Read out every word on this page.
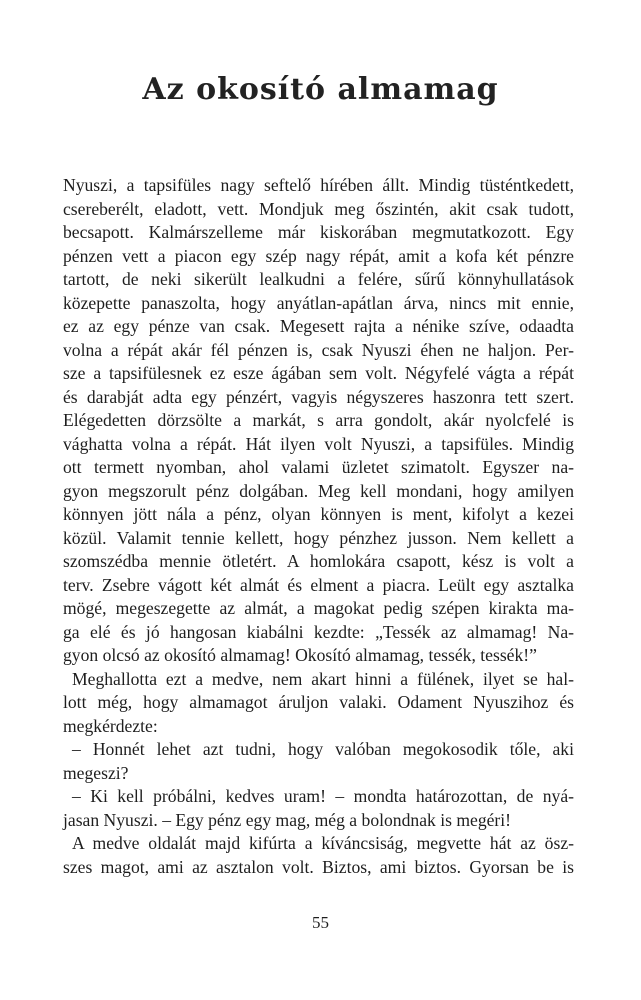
Az okosító almamag
Nyuszi, a tapsifüles nagy seftelő hírében állt. Mindig tüsténtkedett,
csereberélt, eladott, vett. Mondjuk meg őszintén, akit csak tudott,
becsapott. Kalmárszelleme már kiskorában megmutatkozott. Egy
pénzen vett a piacon egy szép nagy répát, amit a kofa két pénzre
tartott, de neki sikerült lealkudni a felére, sűrű könnyhullatások
közepette panaszolta, hogy anyátlan-apátlan árva, nincs mit ennie,
ez az egy pénze van csak. Megesett rajta a nénike szíve, odaadta
volna a répát akár fél pénzen is, csak Nyuszi éhen ne haljon. Per-
sze a tapsifülesnek ez esze ágában sem volt. Négyfelé vágta a répát
és darabját adta egy pénzért, vagyis négyszeres haszonra tett szert.
Elégedetten dörzsölte a markát, s arra gondolt, akár nyolcfelé is
vághatta volna a répát. Hát ilyen volt Nyuszi, a tapsifüles. Mindig
ott termett nyomban, ahol valami üzletet szimatolt. Egyszer na-
gyon megszorult pénz dolgában. Meg kell mondani, hogy amilyen
könnyen jött nála a pénz, olyan könnyen is ment, kifolyt a kezei
közül. Valamit tennie kellett, hogy pénzhez jusson. Nem kellett a
szomszédba mennie ötletért. A homlokára csapott, kész is volt a
terv. Zsebre vágott két almát és elment a piacra. Leült egy asztalka
mögé, megeszegette az almát, a magokat pedig szépen kirakta ma-
ga elé és jó hangosan kiabálni kezdte: „Tessék az almamag! Na-
gyon olcsó az okosító almamag! Okosító almamag, tessék, tessék!”
Meghallotta ezt a medve, nem akart hinni a fülének, ilyet se hal-
lott még, hogy almamagot áruljon valaki. Odament Nyuszihoz és
megkérdezte:
– Honnét lehet azt tudni, hogy valóban megokosodik tőle, aki
megeszi?
– Ki kell próbálni, kedves uram! – mondta határozottan, de nyá-
jasan Nyuszi. – Egy pénz egy mag, még a bolondnak is megéri!
A medve oldalát majd kifúrta a kíváncsiság, megvette hát az ösz-
szes magot, ami az asztalon volt. Biztos, ami biztos. Gyorsan be is
55
